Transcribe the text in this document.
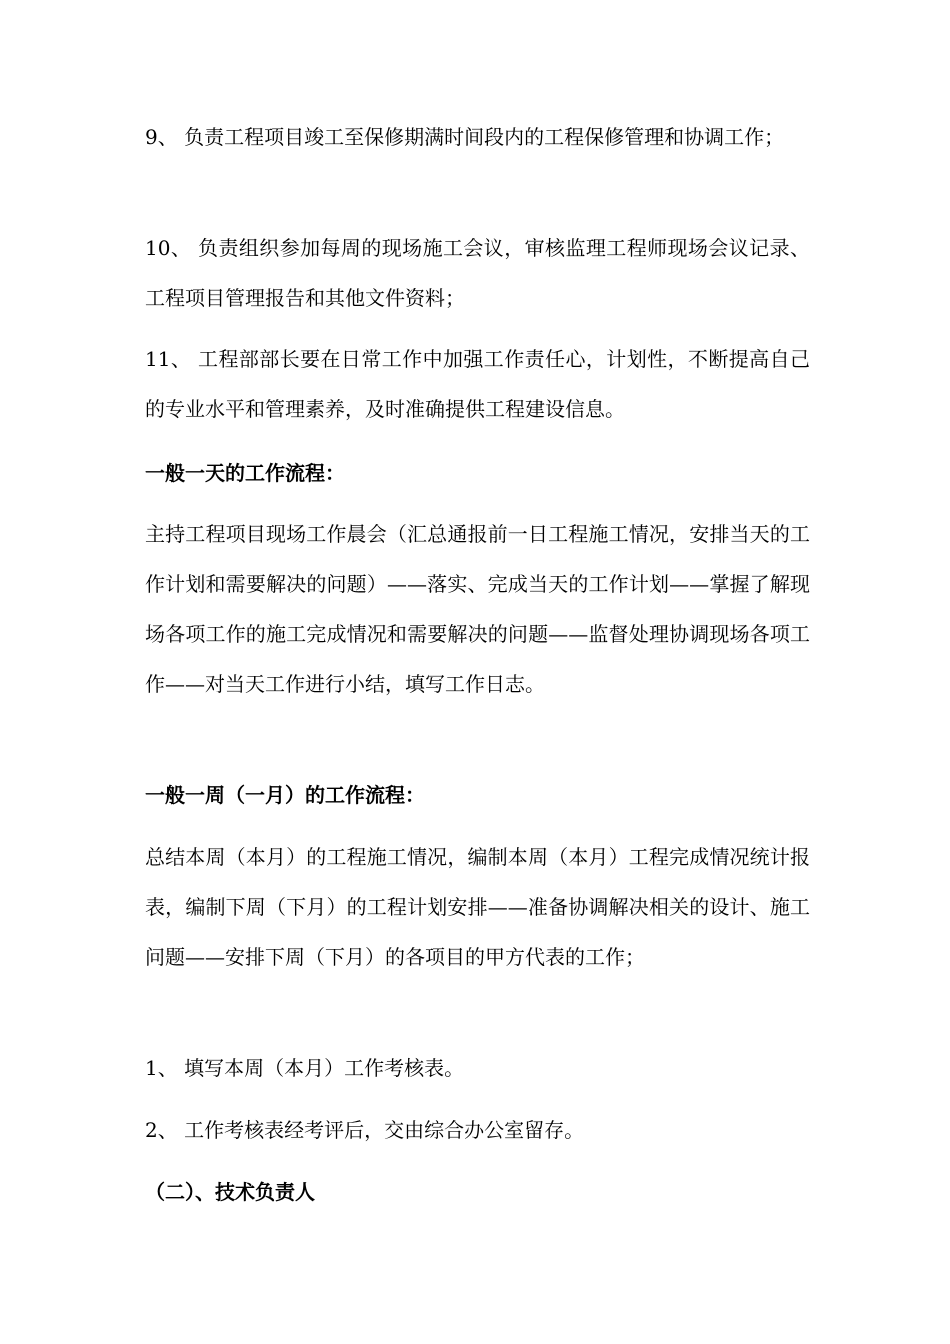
9、 负责工程项目竣工至保修期满时间段内的工程保修管理和协调工作；

10、 负责组织参加每周的现场施工会议，审核监理工程师现场会议记录、工程项目管理报告和其他文件资料；

11、 工程部部长要在日常工作中加强工作责任心，计划性，不断提高自己的专业水平和管理素养，及时准确提供工程建设信息。

一般一天的工作流程：

主持工程项目现场工作晨会（汇总通报前一日工程施工情况，安排当天的工作计划和需要解决的问题）——落实、完成当天的工作计划——掌握了解现场各项工作的施工完成情况和需要解决的问题——监督处理协调现场各项工作——对当天工作进行小结，填写工作日志。

一般一周（一月）的工作流程：

总结本周（本月）的工程施工情况，编制本周（本月）工程完成情况统计报表，编制下周（下月）的工程计划安排——准备协调解决相关的设计、施工问题——安排下周（下月）的各项目的甲方代表的工作；

1、 填写本周（本月）工作考核表。

2、 工作考核表经考评后，交由综合办公室留存。

（二）、技术负责人
